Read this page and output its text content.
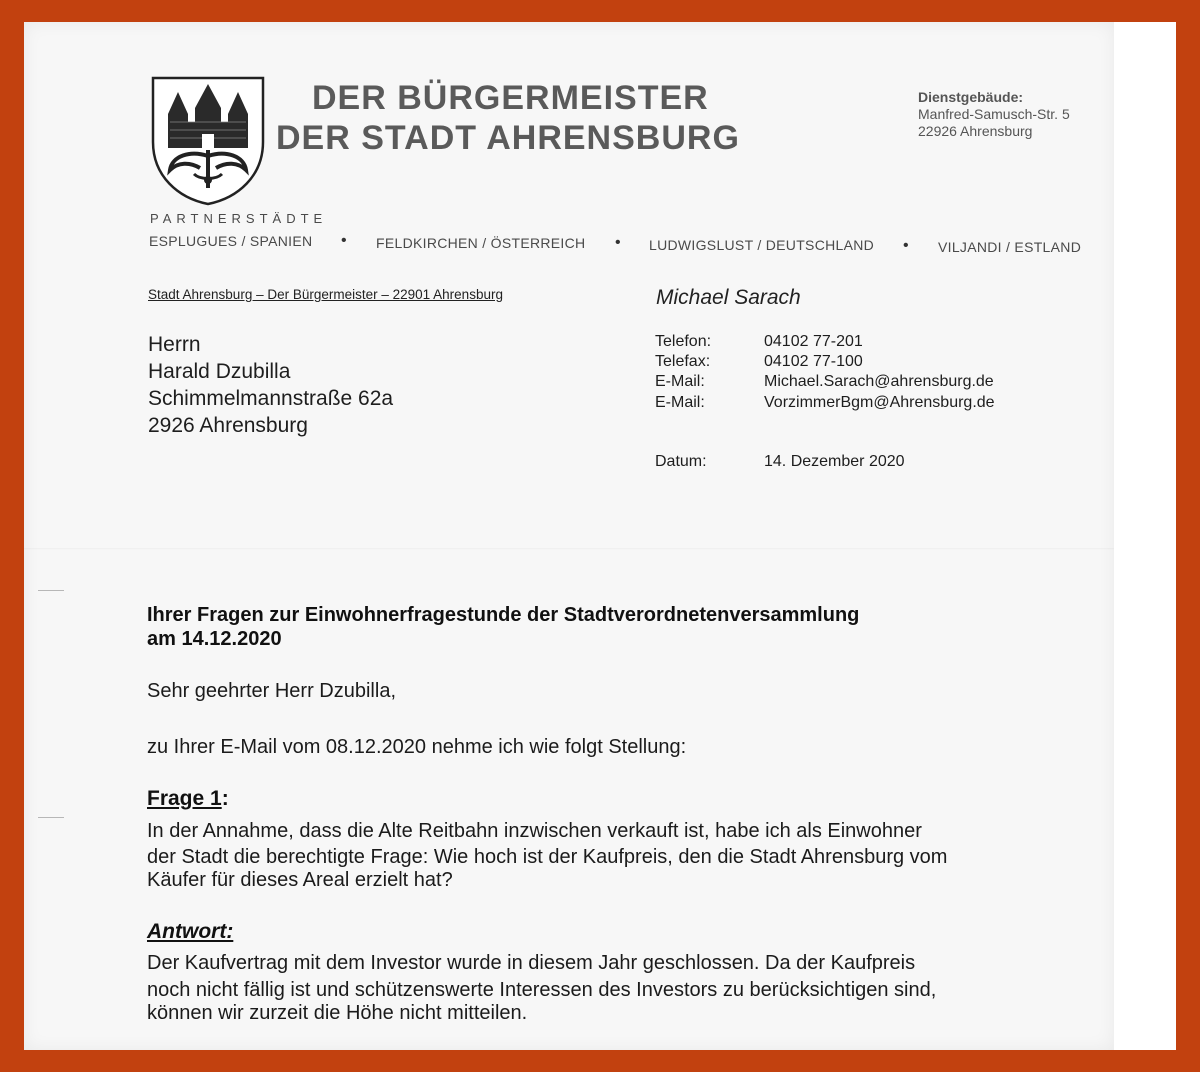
DER BÜRGERMEISTER
DER STADT AHRENSBURG
Dienstgebäude:
Manfred-Samusch-Str. 5
22926 Ahrensburg
PARTNERSTÄDTE
ESPLUGUES / SPANIEN • FELDKIRCHEN / ÖSTERREICH • LUDWIGSLUST / DEUTSCHLAND • VILJANDI / ESTLAND
Stadt Ahrensburg – Der Bürgermeister – 22901 Ahrensburg	Michael Sarach
Telefon:	04102 77-201
Telefax:	04102 77-100
E-Mail:	Michael.Sarach@ahrensburg.de
E-Mail:	VorzimmerBgm@Ahrensburg.de
Datum:	14. Dezember 2020
Herrn
Harald Dzubilla
Schimmelmannstraße 62a
2926 Ahrensburg
Ihrer Fragen zur Einwohnerfragestunde der Stadtverordnetenversammlung
am 14.12.2020
Sehr geehrter Herr Dzubilla,
zu Ihrer E-Mail vom 08.12.2020 nehme ich wie folgt Stellung:
Frage 1:
In der Annahme, dass die Alte Reitbahn inzwischen verkauft ist, habe ich als Einwohner
der Stadt die berechtigte Frage: Wie hoch ist der Kaufpreis, den die Stadt Ahrensburg vom
Käufer für dieses Areal erzielt hat?
Antwort:
Der Kaufvertrag mit dem Investor wurde in diesem Jahr geschlossen. Da der Kaufpreis
noch nicht fällig ist und schützenswerte Interessen des Investors zu berücksichtigen sind,
können wir zurzeit die Höhe nicht mitteilen.
